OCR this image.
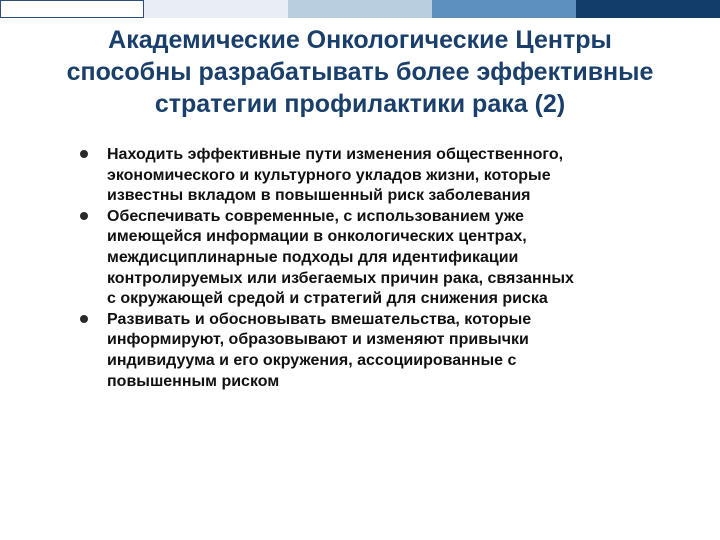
Академические Онкологические Центры
способны разрабатывать более эффективные
стратегии профилактики рака (2)
Находить эффективные пути изменения общественного,
экономического и культурного укладов жизни, которые
известны вкладом в повышенный риск заболевания
Обеспечивать современные, с использованием уже
имеющейся информации в онкологических центрах,
междисциплинарные подходы для идентификации
контролируемых или избегаемых причин рака, связанных
с окружающей средой и стратегий для снижения риска
Развивать и обосновывать вмешательства, которые
информируют, образовывают и изменяют привычки
индивидуума и его окружения, ассоциированные с
повышенным риском
